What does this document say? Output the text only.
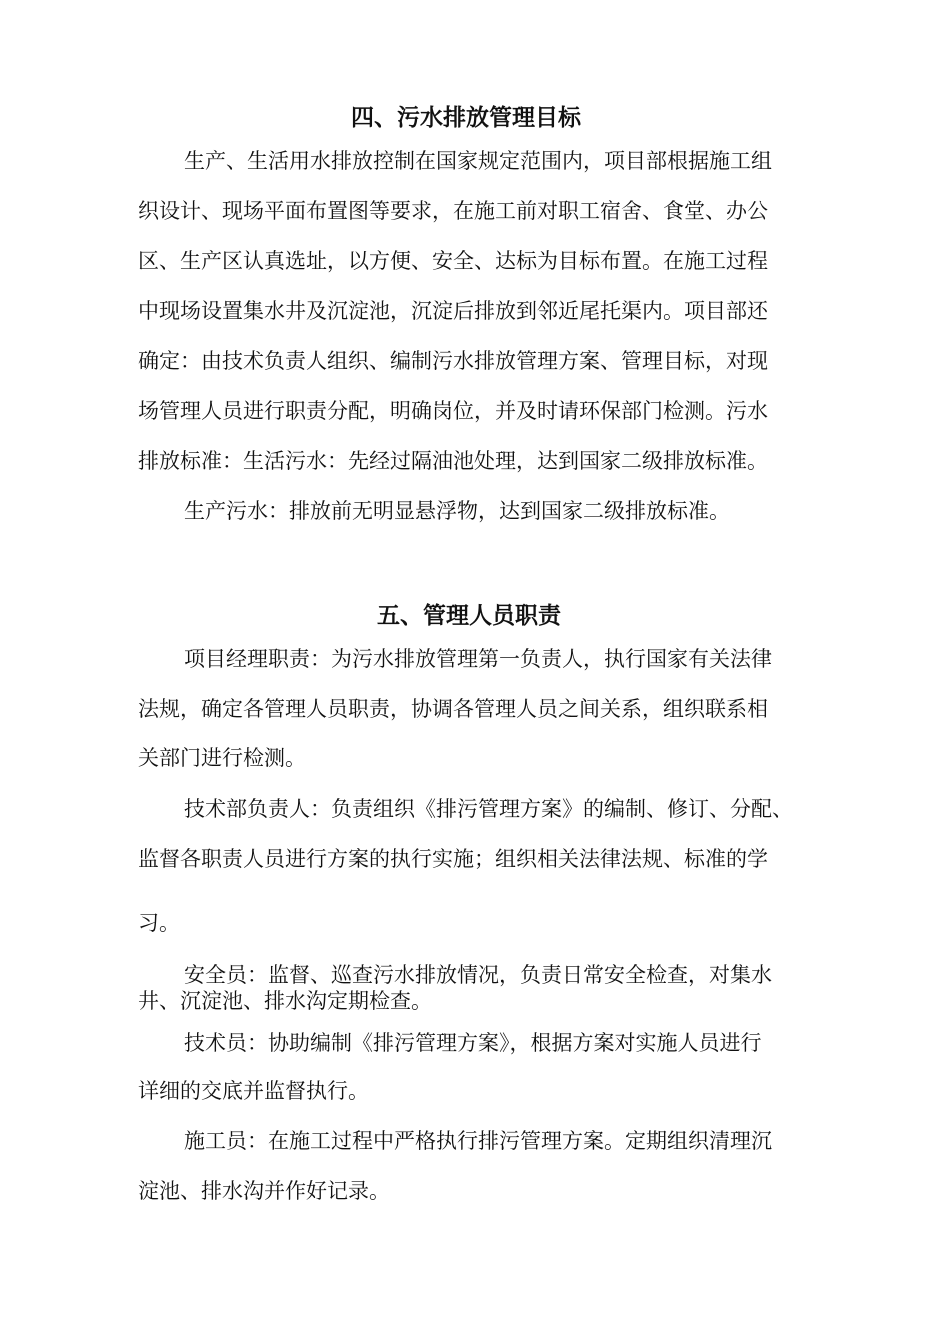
四、污水排放管理目标

生产、生活用水排放控制在国家规定范围内，项目部根据施工组

织设计、现场平面布置图等要求，在施工前对职工宿舍、食堂、办公

区、生产区认真选址，以方便、安全、达标为目标布置。在施工过程

中现场设置集水井及沉淀池，沉淀后排放到邻近尾托渠内。项目部还

确定：由技术负责人组织、编制污水排放管理方案、管理目标，对现

场管理人员进行职责分配，明确岗位，并及时请环保部门检测。污水

排放标准：生活污水：先经过隔油池处理，达到国家二级排放标准。

生产污水：排放前无明显悬浮物，达到国家二级排放标准。

五、管理人员职责

项目经理职责：为污水排放管理第一负责人，执行国家有关法律

法规，确定各管理人员职责，协调各管理人员之间关系，组织联系相

关部门进行检测。

技术部负责人：负责组织《排污管理方案》的编制、修订、分配、

监督各职责人员进行方案的执行实施；组织相关法律法规、标准的学

习。

安全员：监督、巡查污水排放情况，负责日常安全检查，对集水

井、沉淀池、排水沟定期检查。

技术员：协助编制《排污管理方案》，根据方案对实施人员进行

详细的交底并监督执行。

施工员：在施工过程中严格执行排污管理方案。定期组织清理沉

淀池、排水沟并作好记录。
